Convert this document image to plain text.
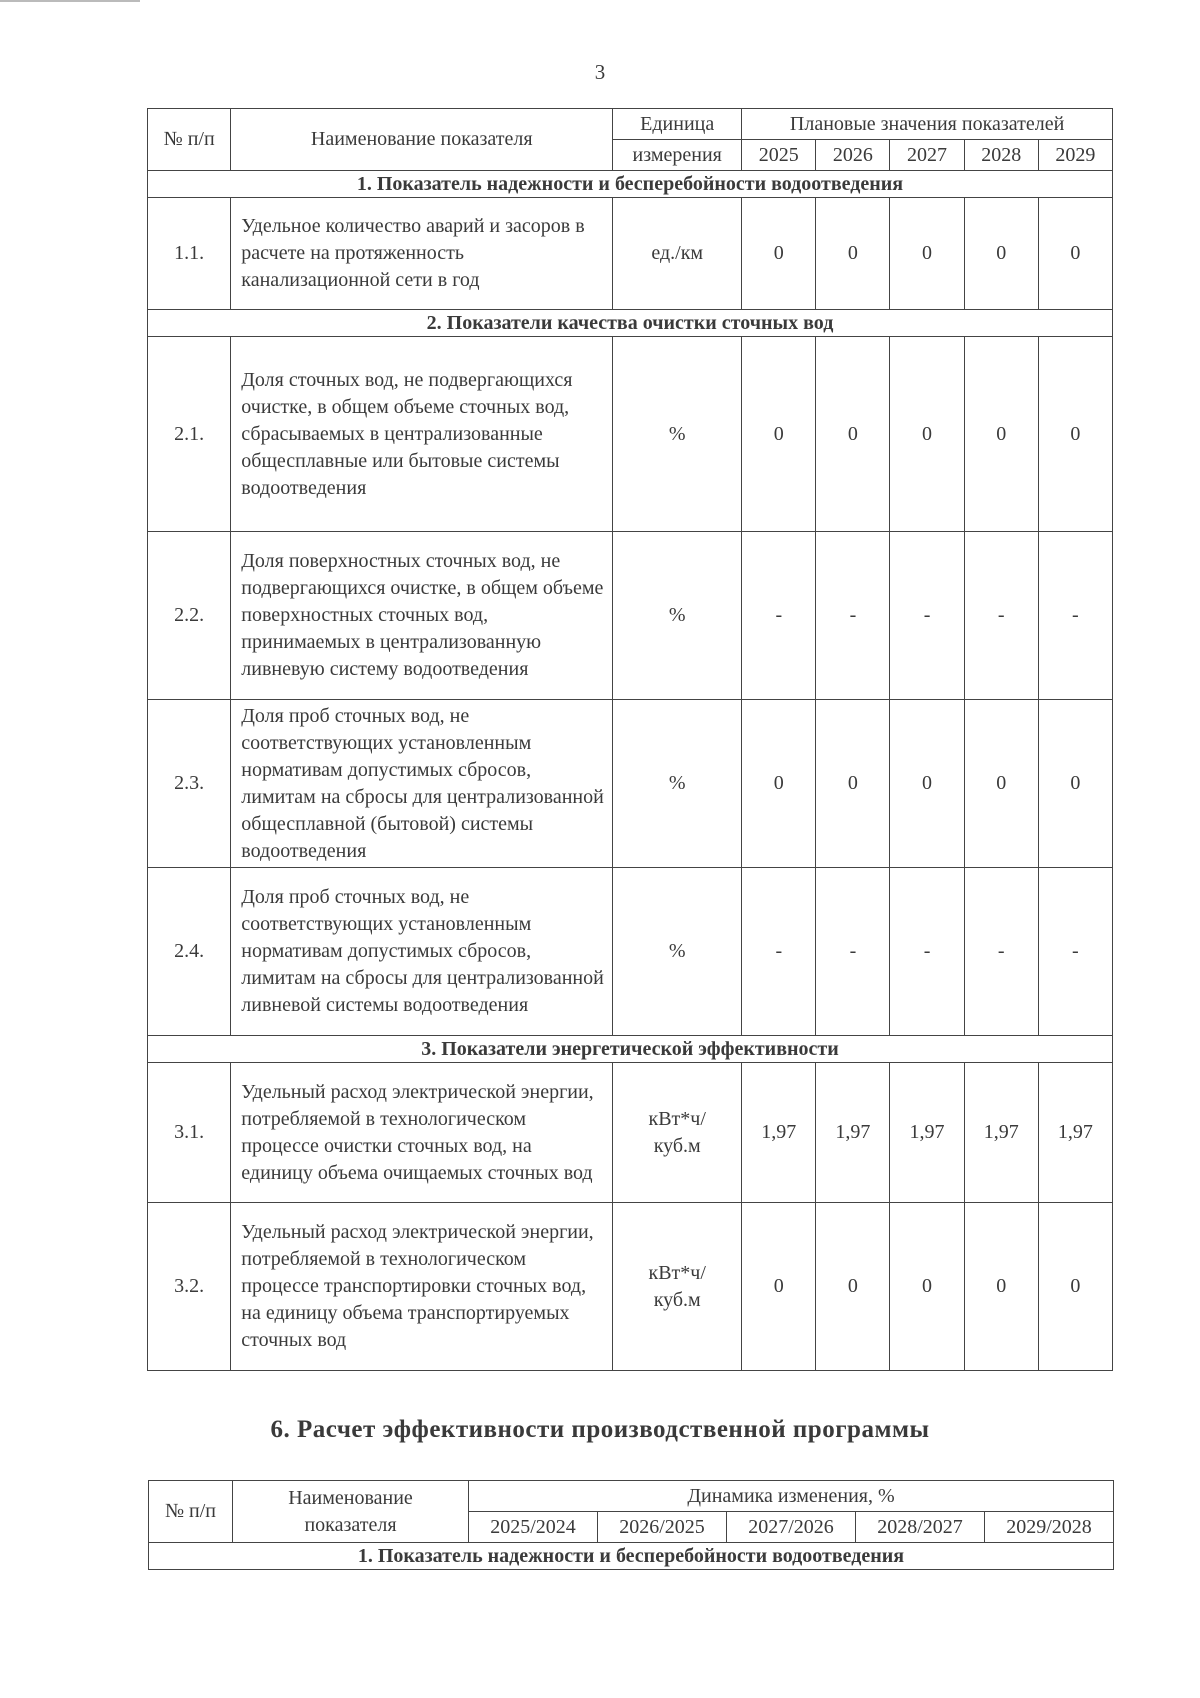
3
№ п/п	Наименование показателя	Единица	Плановые значения показателей				
		измерения	2025	2026	2027	2028	2029
1. Показатель надежности и бесперебойности водоотведения							
1.1.	Удельное количество аварий и засоров в расчете на протяженность канализационной сети в год	ед./км	0	0	0	0	0
2. Показатели качества очистки сточных вод							
2.1.	Доля сточных вод, не подвергающихся очистке, в общем объеме сточных вод, сбрасываемых в централизованные общесплавные или бытовые системы водоотведения	%	0	0	0	0	0
2.2.	Доля поверхностных сточных вод, не подвергающихся очистке, в общем объеме поверхностных сточных вод, принимаемых в централизованную ливневую систему водоотведения	%	-	-	-	-	-
2.3.	Доля проб сточных вод, не соответствующих установленным нормативам допустимых сбросов, лимитам на сбросы для централизованной общесплавной (бытовой) системы водоотведения	%	0	0	0	0	0
2.4.	Доля проб сточных вод, не соответствующих установленным нормативам допустимых сбросов, лимитам на сбросы для централизованной ливневой системы водоотведения	%	-	-	-	-	-
3. Показатели энергетической эффективности							
3.1.	Удельный расход электрической энергии, потребляемой в технологическом процессе очистки сточных вод, на единицу объема очищаемых сточных вод	кВт*ч/
куб.м	1,97	1,97	1,97	1,97	1,97
3.2.	Удельный расход электрической энергии, потребляемой в технологическом процессе транспортировки сточных вод, на единицу объема транспортируемых сточных вод	кВт*ч/
куб.м	0	0	0	0	0
6. Расчет эффективности производственной программы
№ п/п	Наименование
показателя	Динамика изменения, %				
		2025/2024	2026/2025	2027/2026	2028/2027	2029/2028
1. Показатель надежности и бесперебойности водоотведения						
